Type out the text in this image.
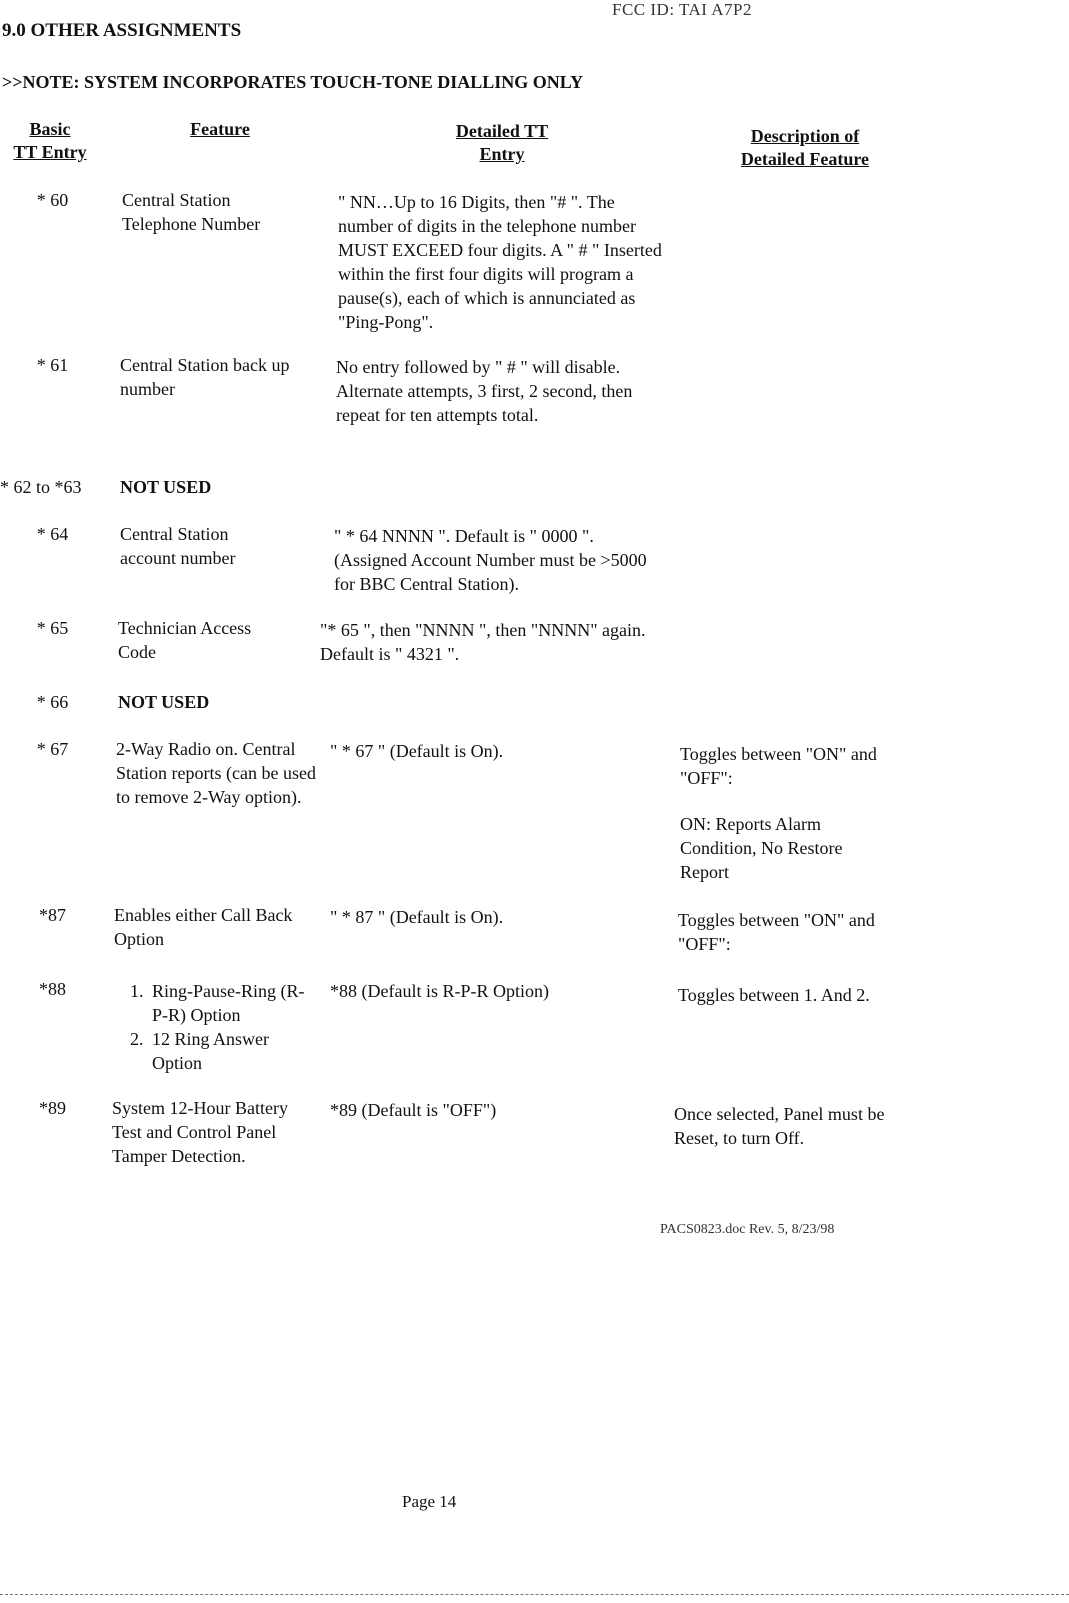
FCC ID: TAI A7P2
9.0 OTHER ASSIGNMENTS
>>NOTE: SYSTEM INCORPORATES TOUCH-TONE DIALLING ONLY
Basic
TT Entry
Feature	Detailed TT
Entry
Description of
Detailed Feature
* 60	Central Station Telephone Number
" NN…Up to 16 Digits, then "# ". The number of digits in the telephone number MUST EXCEED four digits. A " # " Inserted within the first four digits will program a pause(s), each of which is annunciated as "Ping-Pong".
* 61	Central Station back up number
No entry followed by " # " will disable. Alternate attempts, 3 first, 2 second, then repeat for ten attempts total.
* 62 to *63 NOT USED
* 64	Central Station account number
" * 64 NNNN ". Default is " 0000 ". (Assigned Account Number must be >5000 for BBC Central Station).
* 65	Technician Access Code
"* 65 ", then "NNNN ", then "NNNN" again. Default is " 4321 ".
* 66	NOT USED
* 67	2-Way Radio on. Central Station reports (can be used to remove 2-Way option).
" * 67 " (Default is On).	Toggles between "ON" and "OFF":
ON: Reports Alarm Condition, No Restore Report
*87	Enables either Call Back Option
" * 87 " (Default is On).	Toggles between "ON" and "OFF":
*88
1.	Ring-Pause-Ring (R-P-R) Option
2. 12 Ring Answer Option
*88 (Default is R-P-R Option)	Toggles between 1. And 2.
*89	System 12-Hour Battery Test and Control Panel Tamper Detection.
*89 (Default is "OFF")	Once selected, Panel must be Reset, to turn Off.
PACS0823.doc Rev. 5, 8/23/98
Page 14
